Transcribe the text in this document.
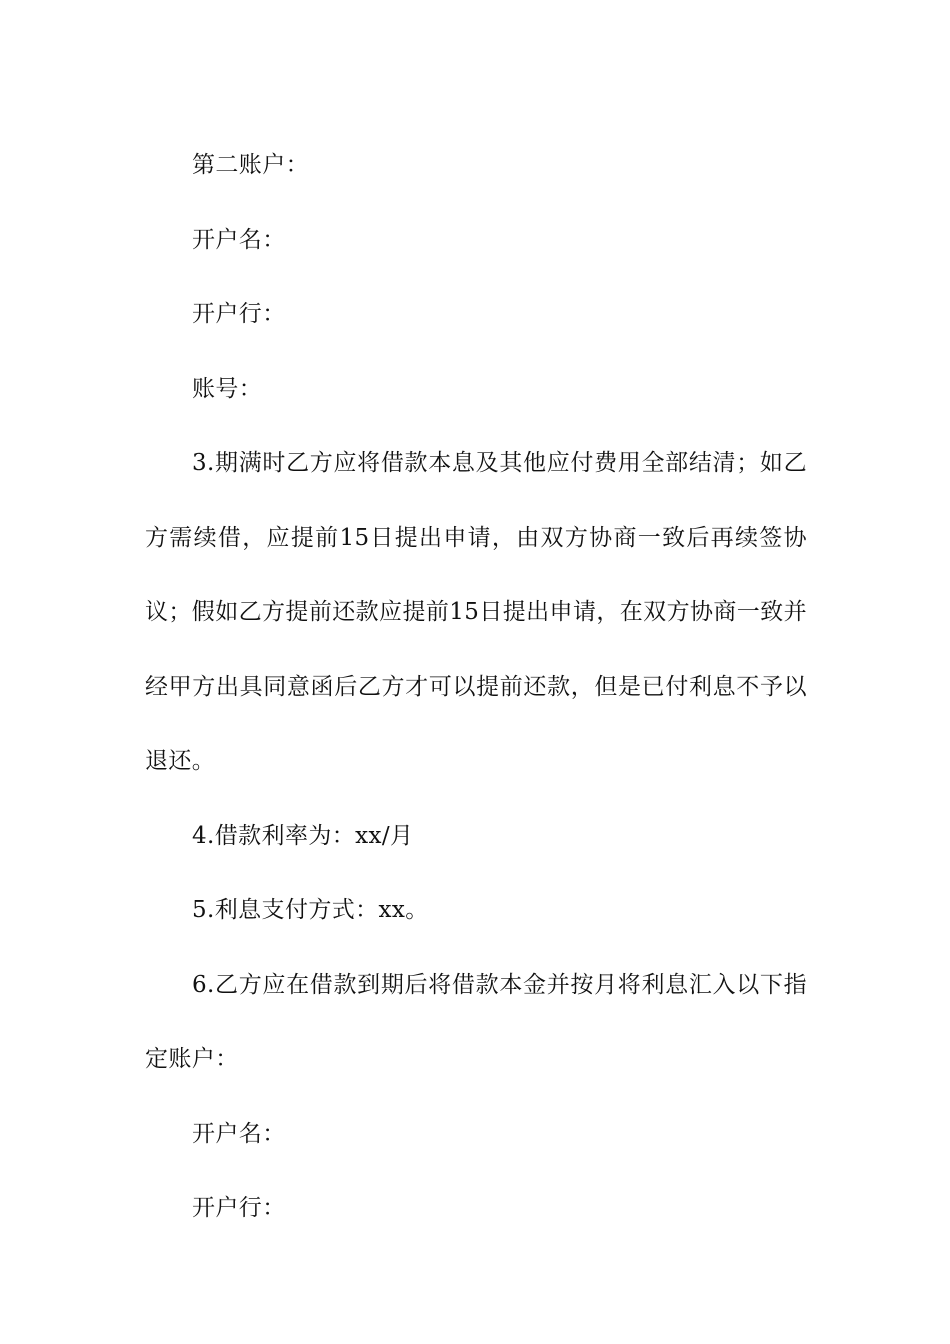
第二账户：

开户名：

开户行：

账号：

3.期满时乙方应将借款本息及其他应付费用全部结清；如乙方需续借，应提前15日提出申请，由双方协商一致后再续签协议；假如乙方提前还款应提前15日提出申请，在双方协商一致并经甲方出具同意函后乙方才可以提前还款，但是已付利息不予以退还。

4.借款利率为：xx/月

5.利息支付方式：xx。

6.乙方应在借款到期后将借款本金并按月将利息汇入以下指定账户：

开户名：

开户行：
